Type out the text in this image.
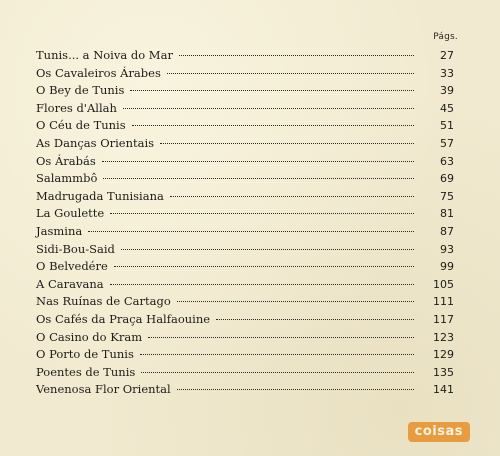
Págs.
Tunis... a Noiva do Mar	27
Os Cavaleiros Árabes	33
O Bey de Tunis	39
Flores d'Allah	45
O Céu de Tunis	51
As Danças Orientais	57
Os Árabás	63
Salammbô	69
Madrugada Tunisiana	75
La Goulette	81
Jasmina	87
Sidi-Bou-Said	93
O Belvedére	99
A Caravana	105
Nas Ruínas de Cartago	111
Os Cafés da Praça Halfaouine	117
O Casino do Kram	123
O Porto de Tunis	129
Poentes de Tunis	135
Venenosa Flor Oriental	141
coisas
